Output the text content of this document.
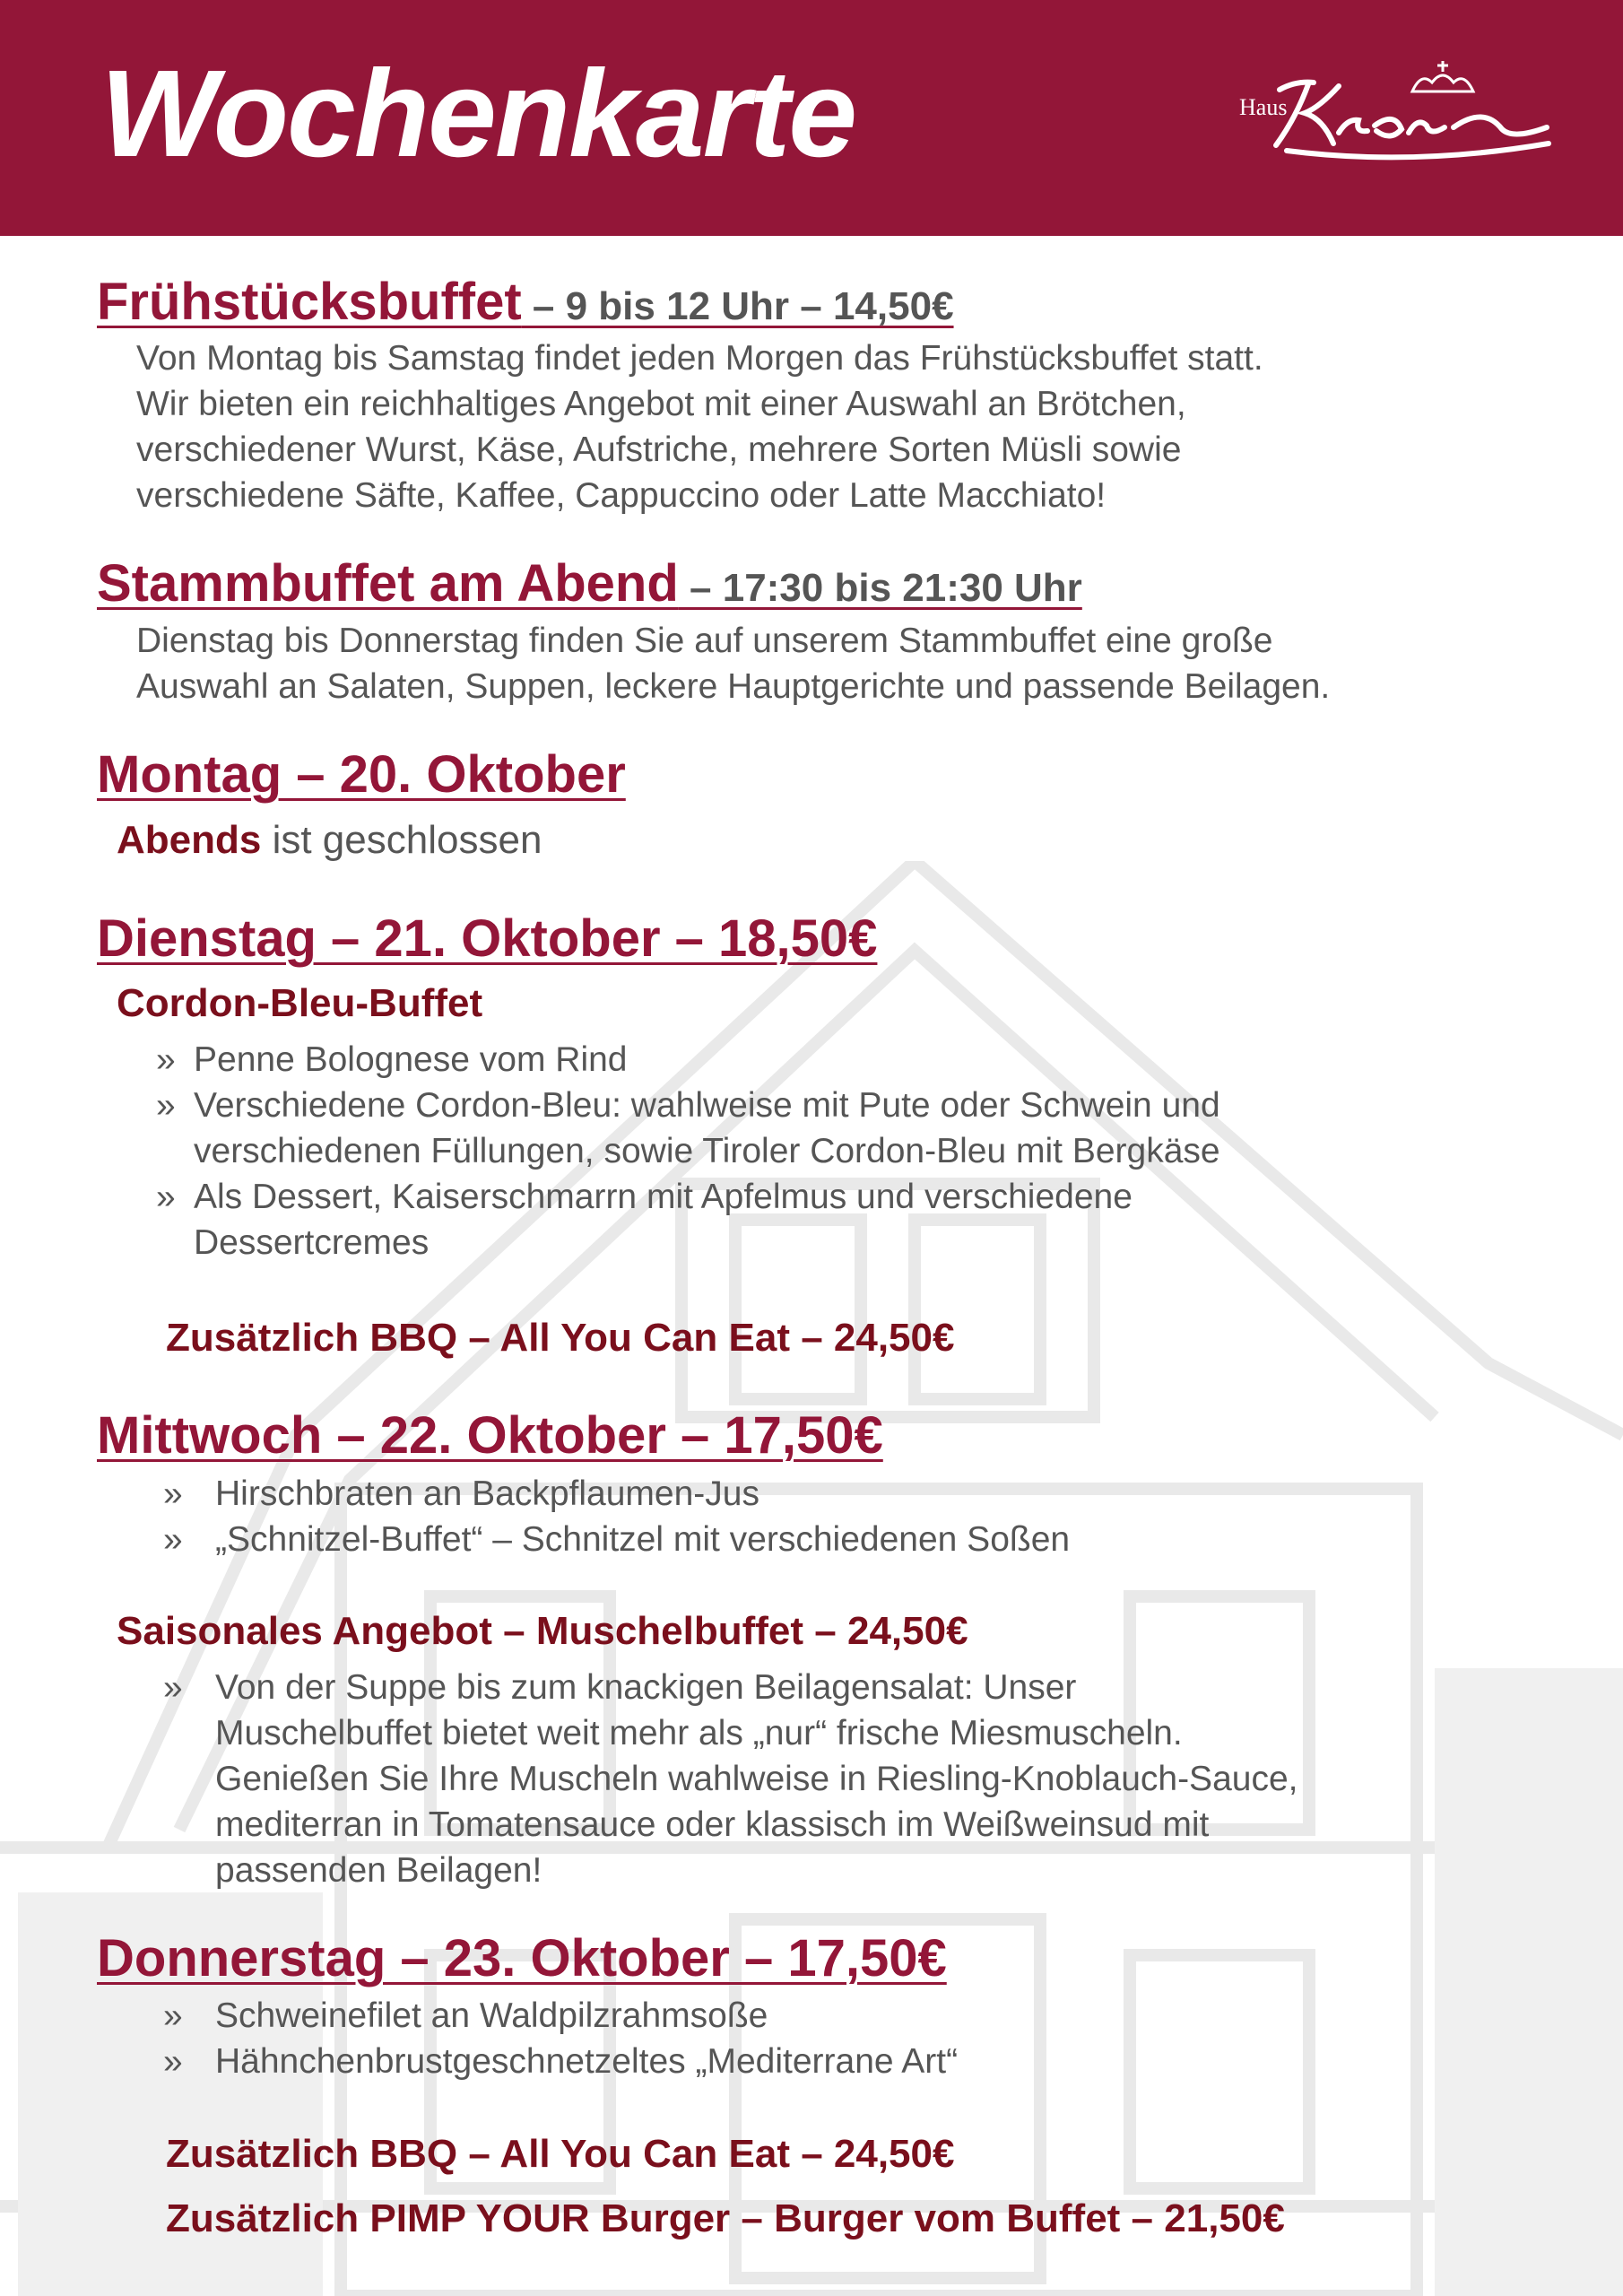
Wochenkarte	Haus
Frühstücksbuffet – 9 bis 12 Uhr – 14,50€
Von Montag bis Samstag findet jeden Morgen das Frühstücksbuffet statt.
Wir bieten ein reichhaltiges Angebot mit einer Auswahl an Brötchen,
verschiedener Wurst, Käse, Aufstriche, mehrere Sorten Müsli sowie
verschiedene Säfte, Kaffee, Cappuccino oder Latte Macchiato!
Stammbuffet am Abend – 17:30 bis 21:30 Uhr
Dienstag bis Donnerstag finden Sie auf unserem Stammbuffet eine große
Auswahl an Salaten, Suppen, leckere Hauptgerichte und passende Beilagen.
Montag – 20. Oktober
Abends ist geschlossen
Dienstag – 21. Oktober – 18,50€
Cordon-Bleu-Buffet
» Penne Bolognese vom Rind
» Verschiedene Cordon-Bleu: wahlweise mit Pute oder Schwein und
verschiedenen Füllungen, sowie Tiroler Cordon-Bleu mit Bergkäse
» Als Dessert, Kaiserschmarrn mit Apfelmus und verschiedene
Dessertcremes
Zusätzlich BBQ – All You Can Eat – 24,50€
Mittwoch – 22. Oktober – 17,50€
» Hirschbraten an Backpflaumen-Jus
» „Schnitzel-Buffet“ – Schnitzel mit verschiedenen Soßen
Saisonales Angebot – Muschelbuffet – 24,50€
» Von der Suppe bis zum knackigen Beilagensalat: Unser
Muschelbuffet bietet weit mehr als „nur“ frische Miesmuscheln.
Genießen Sie Ihre Muscheln wahlweise in Riesling-Knoblauch-Sauce,
mediterran in Tomatensauce oder klassisch im Weißweinsud mit
passenden Beilagen!
Donnerstag – 23. Oktober – 17,50€
» Schweinefilet an Waldpilzrahmsoße
» Hähnchenbrustgeschnetzeltes „Mediterrane Art“
Zusätzlich BBQ – All You Can Eat – 24,50€
Zusätzlich PIMP YOUR Burger – Burger vom Buffet – 21,50€
